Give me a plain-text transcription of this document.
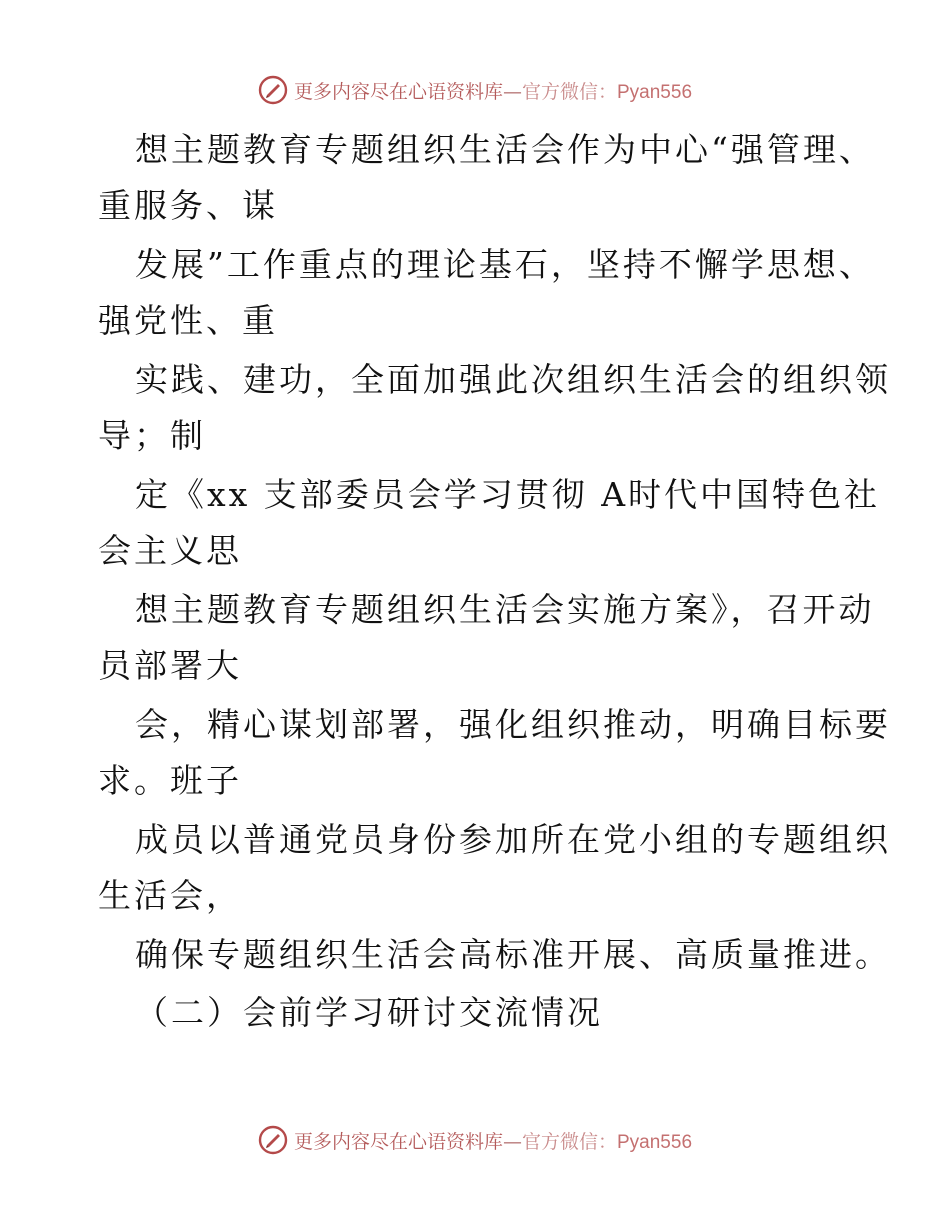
更多内容尽在心语资料库—官方微信：Pyan556
想主题教育专题组织生活会作为中心“强管理、
重服务、谋
发展”工作重点的理论基石，坚持不懈学思想、
强党性、重
实践、建功，全面加强此次组织生活会的组织领
导；制
定《xx 支部委员会学习贯彻 A时代中国特色社
会主义思
想主题教育专题组织生活会实施方案》，召开动
员部署大
会，精心谋划部署，强化组织推动，明确目标要
求。班子
成员以普通党员身份参加所在党小组的专题组织
生活会，
确保专题组织生活会高标准开展、高质量推进。
（二）会前学习研讨交流情况
更多内容尽在心语资料库—官方微信：Pyan556
